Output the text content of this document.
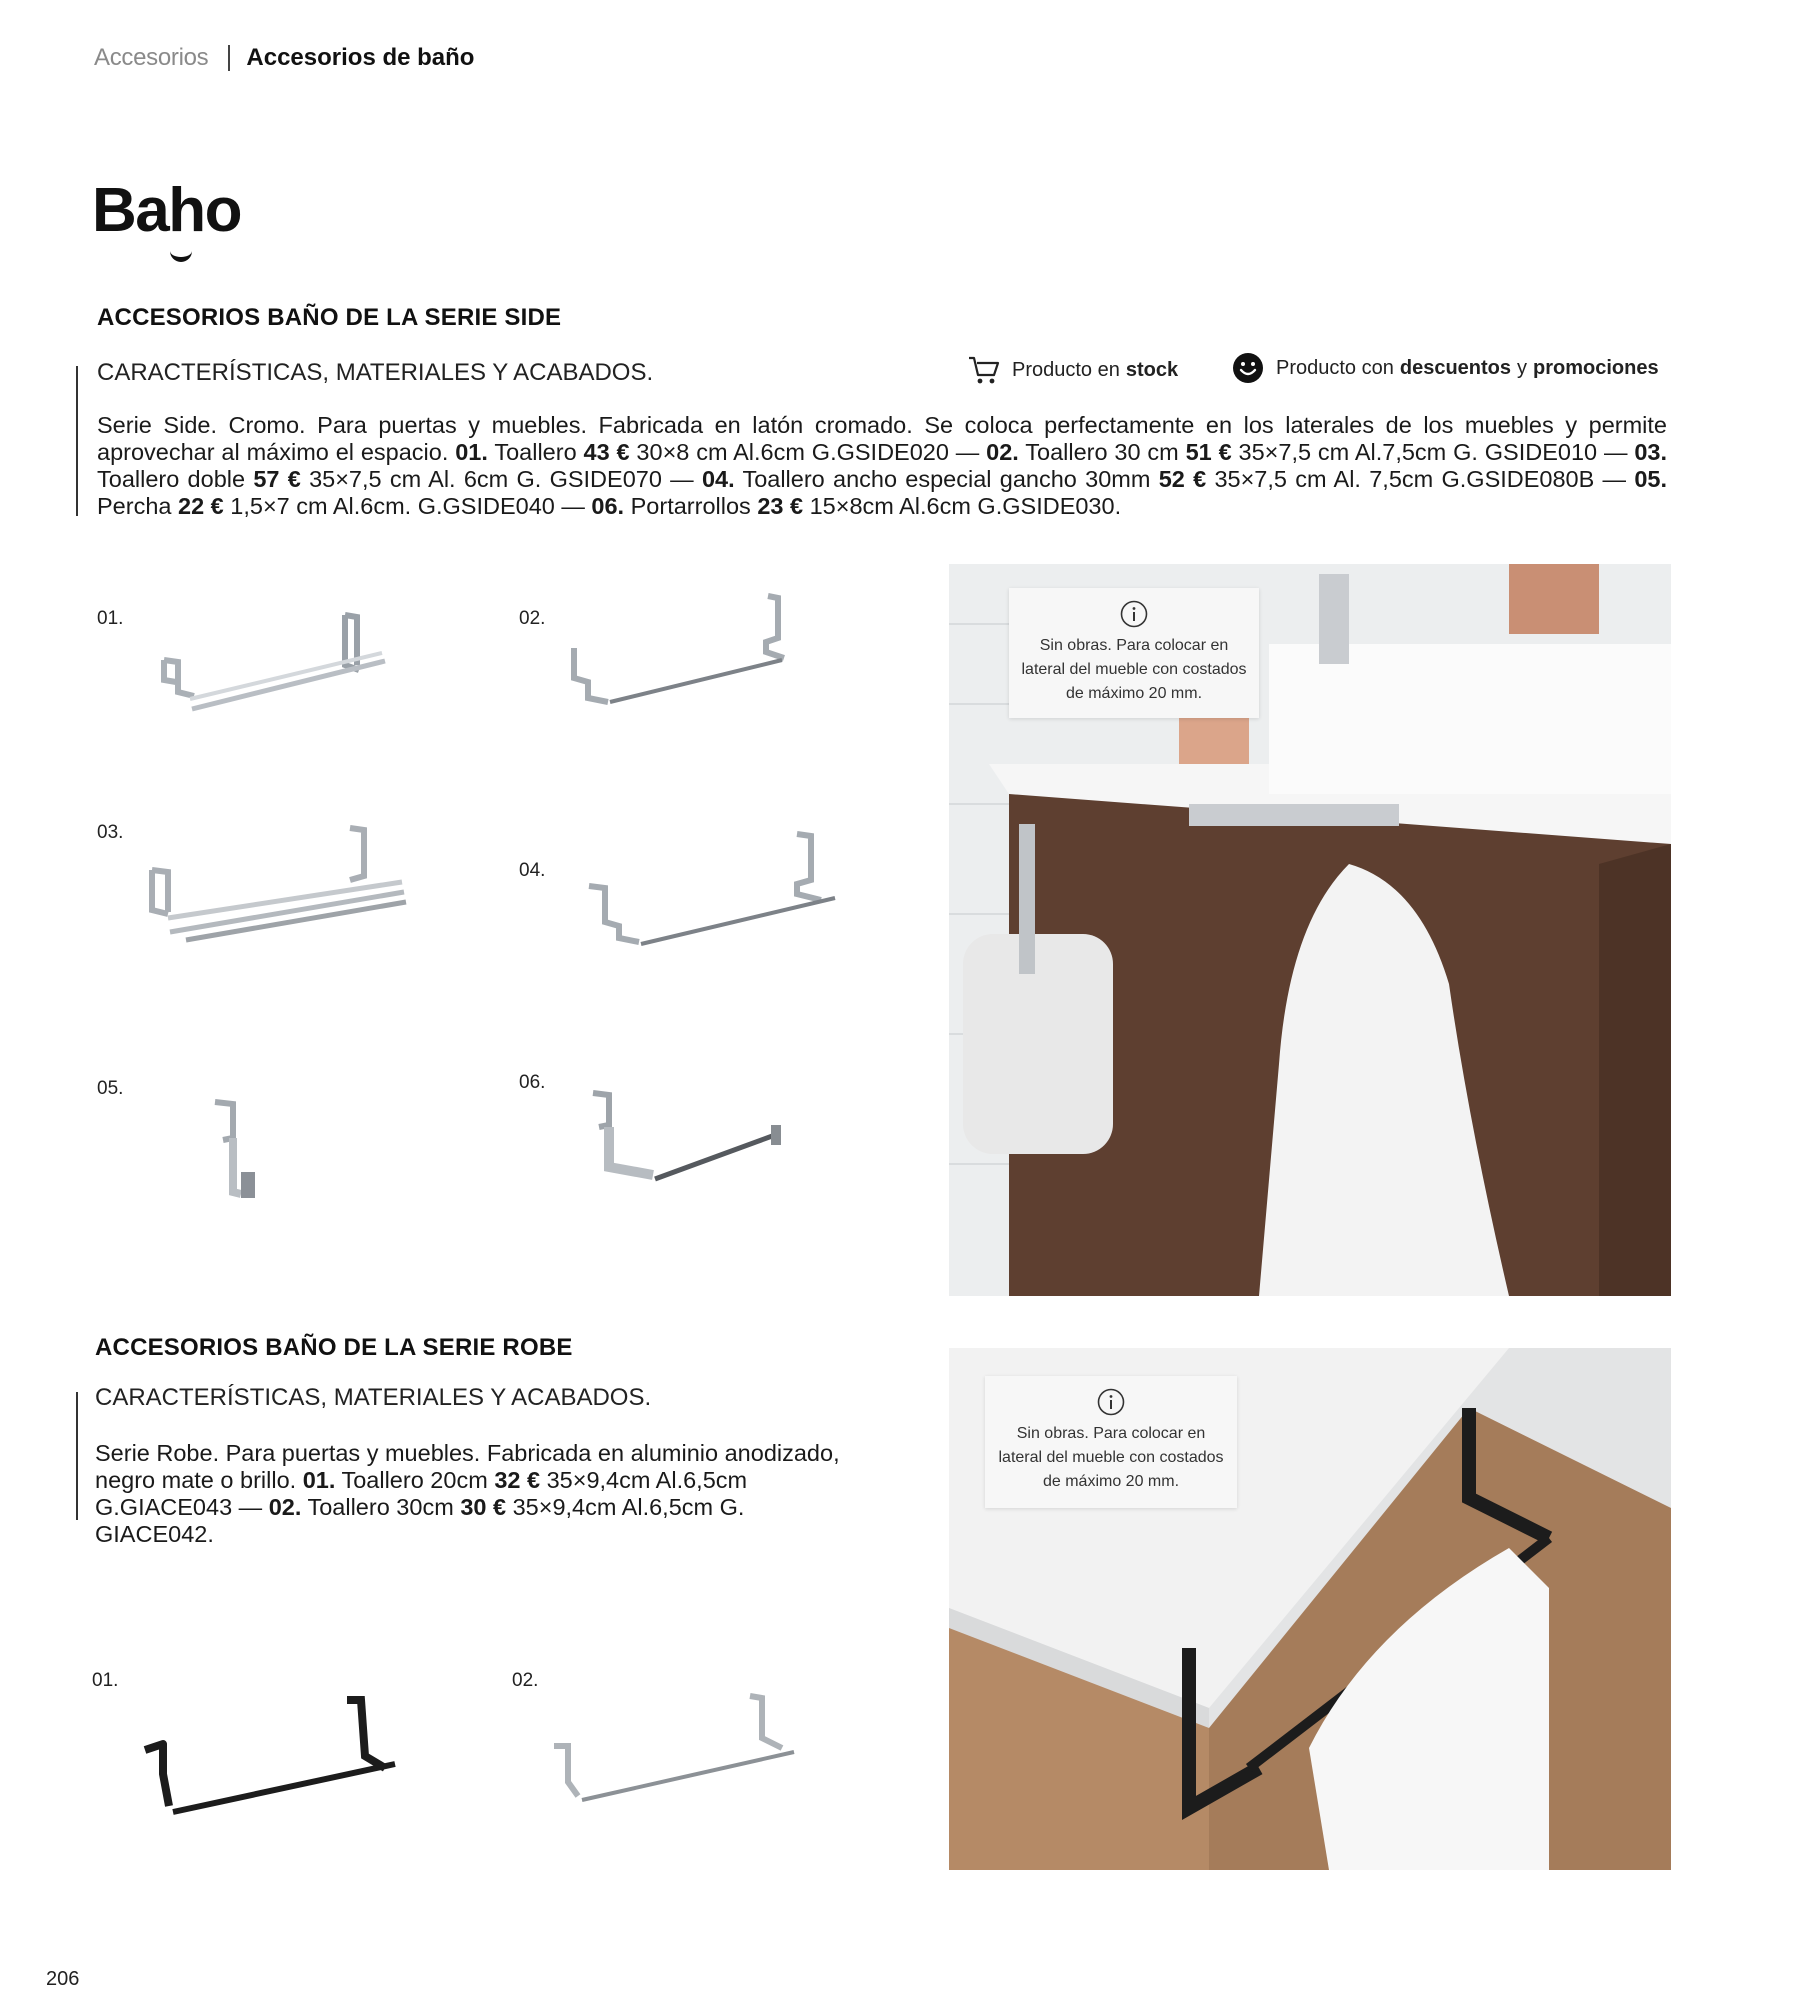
Accesorios Accesorios de baño
Baho
ACCESORIOS BAÑO DE LA SERIE SIDE
CARACTERÍSTICAS, MATERIALES Y ACABADOS.	Producto en stock	Producto con descuentos y promociones
Serie Side. Cromo. Para puertas y muebles. Fabricada en latón cromado. Se coloca perfectamente en los laterales de los muebles y permite aprovechar al máximo el espacio. 01. Toallero 43 € 30×8 cm Al.6cm G.GSIDE020 — 02. Toallero 30 cm 51 € 35×7,5 cm Al.7,5cm G. GSIDE010 — 03. Toallero doble 57 € 35×7,5 cm Al. 6cm G. GSIDE070 — 04. Toallero ancho especial gancho 30mm 52 € 35×7,5 cm Al. 7,5cm G.GSIDE080B — 05. Percha 22 € 1,5×7 cm Al.6cm. G.GSIDE040 — 06. Portarrollos 23 € 15×8cm Al.6cm G.GSIDE030.
01.	02.
03.
04.
05.	06.
Sin obras. Para colocar en lateral del mueble con costados de máximo 20 mm.
ACCESORIOS BAÑO DE LA SERIE ROBE
CARACTERÍSTICAS, MATERIALES Y ACABADOS.
Serie Robe. Para puertas y muebles. Fabricada en aluminio anodizado, negro mate o brillo. 01. Toallero 20cm 32 € 35×9,4cm Al.6,5cm G.GIACE043 — 02. Toallero 30cm 30 € 35×9,4cm Al.6,5cm G. GIACE042.
01.	02.
Sin obras. Para colocar en lateral del mueble con costados de máximo 20 mm.
206
